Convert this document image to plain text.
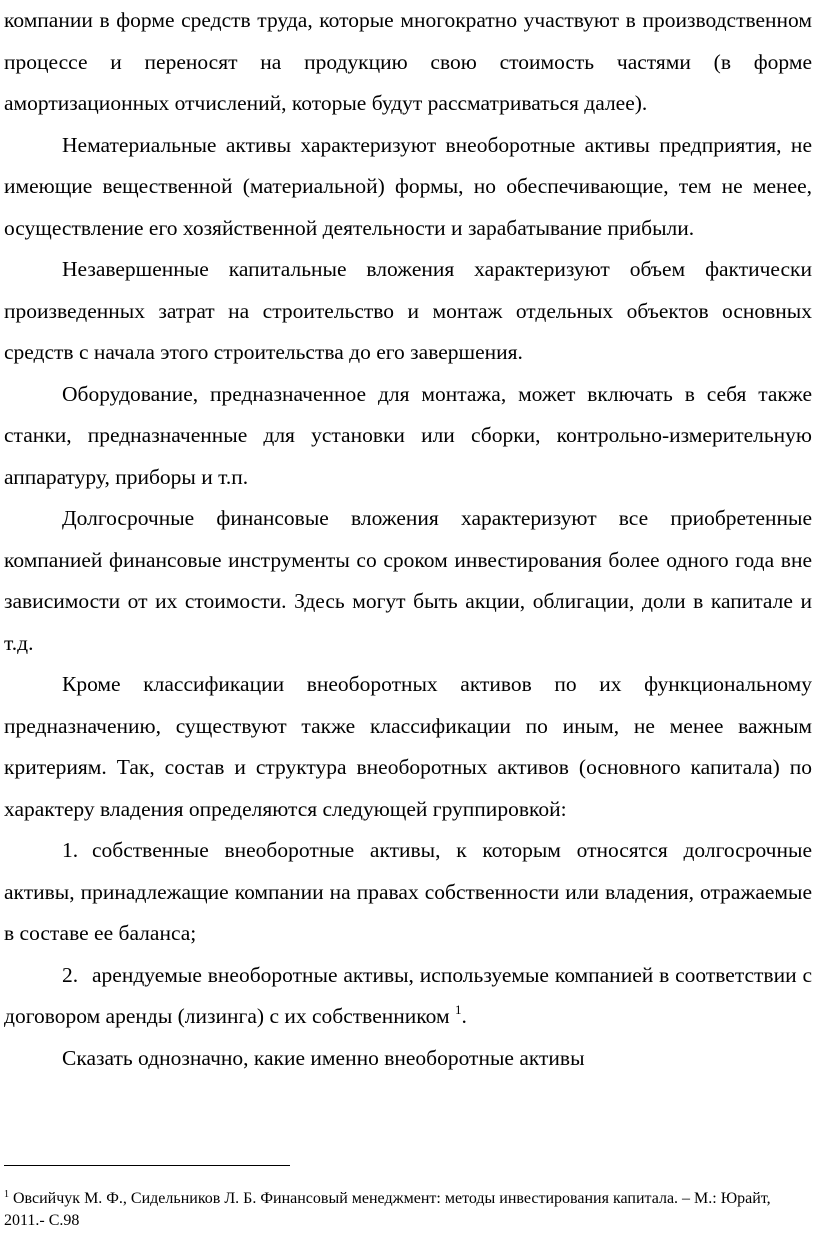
компании в форме средств труда, которые многократно участвуют в производственном процессе и переносят на продукцию свою стоимость частями (в форме амортизационных отчислений, которые будут рассматриваться далее).

Нематериальные активы характеризуют внеоборотные активы предприятия, не имеющие вещественной (материальной) формы, но обеспечивающие, тем не менее, осуществление его хозяйственной деятельности и зарабатывание прибыли.

Незавершенные капитальные вложения характеризуют объем фактически произведенных затрат на строительство и монтаж отдельных объектов основных средств с начала этого строительства до его завершения.

Оборудование, предназначенное для монтажа, может включать в себя также станки, предназначенные для установки или сборки, контрольно-измерительную аппаратуру, приборы и т.п.

Долгосрочные финансовые вложения характеризуют все приобретенные компанией финансовые инструменты со сроком инвестирования более одного года вне зависимости от их стоимости. Здесь могут быть акции, облигации, доли в капитале и т.д.

Кроме классификации внеоборотных активов по их функциональному предназначению, существуют также классификации по иным, не менее важным критериям. Так, состав и структура внеоборотных активов (основного капитала) по характеру владения определяются следующей группировкой:

1. собственные внеоборотные активы, к которым относятся долгосрочные активы, принадлежащие компании на правах собственности или владения, отражаемые в составе ее баланса;

2. арендуемые внеоборотные активы, используемые компанией в соответствии с договором аренды (лизинга) с их собственником $^1$.

Сказать однозначно, какие именно внеоборотные активы

$^1$ Овсийчук М. Ф., Сидельников Л. Б. Финансовый менеджмент: методы инвестирования капитала. – М.: Юрайт, 2011.- С.98
